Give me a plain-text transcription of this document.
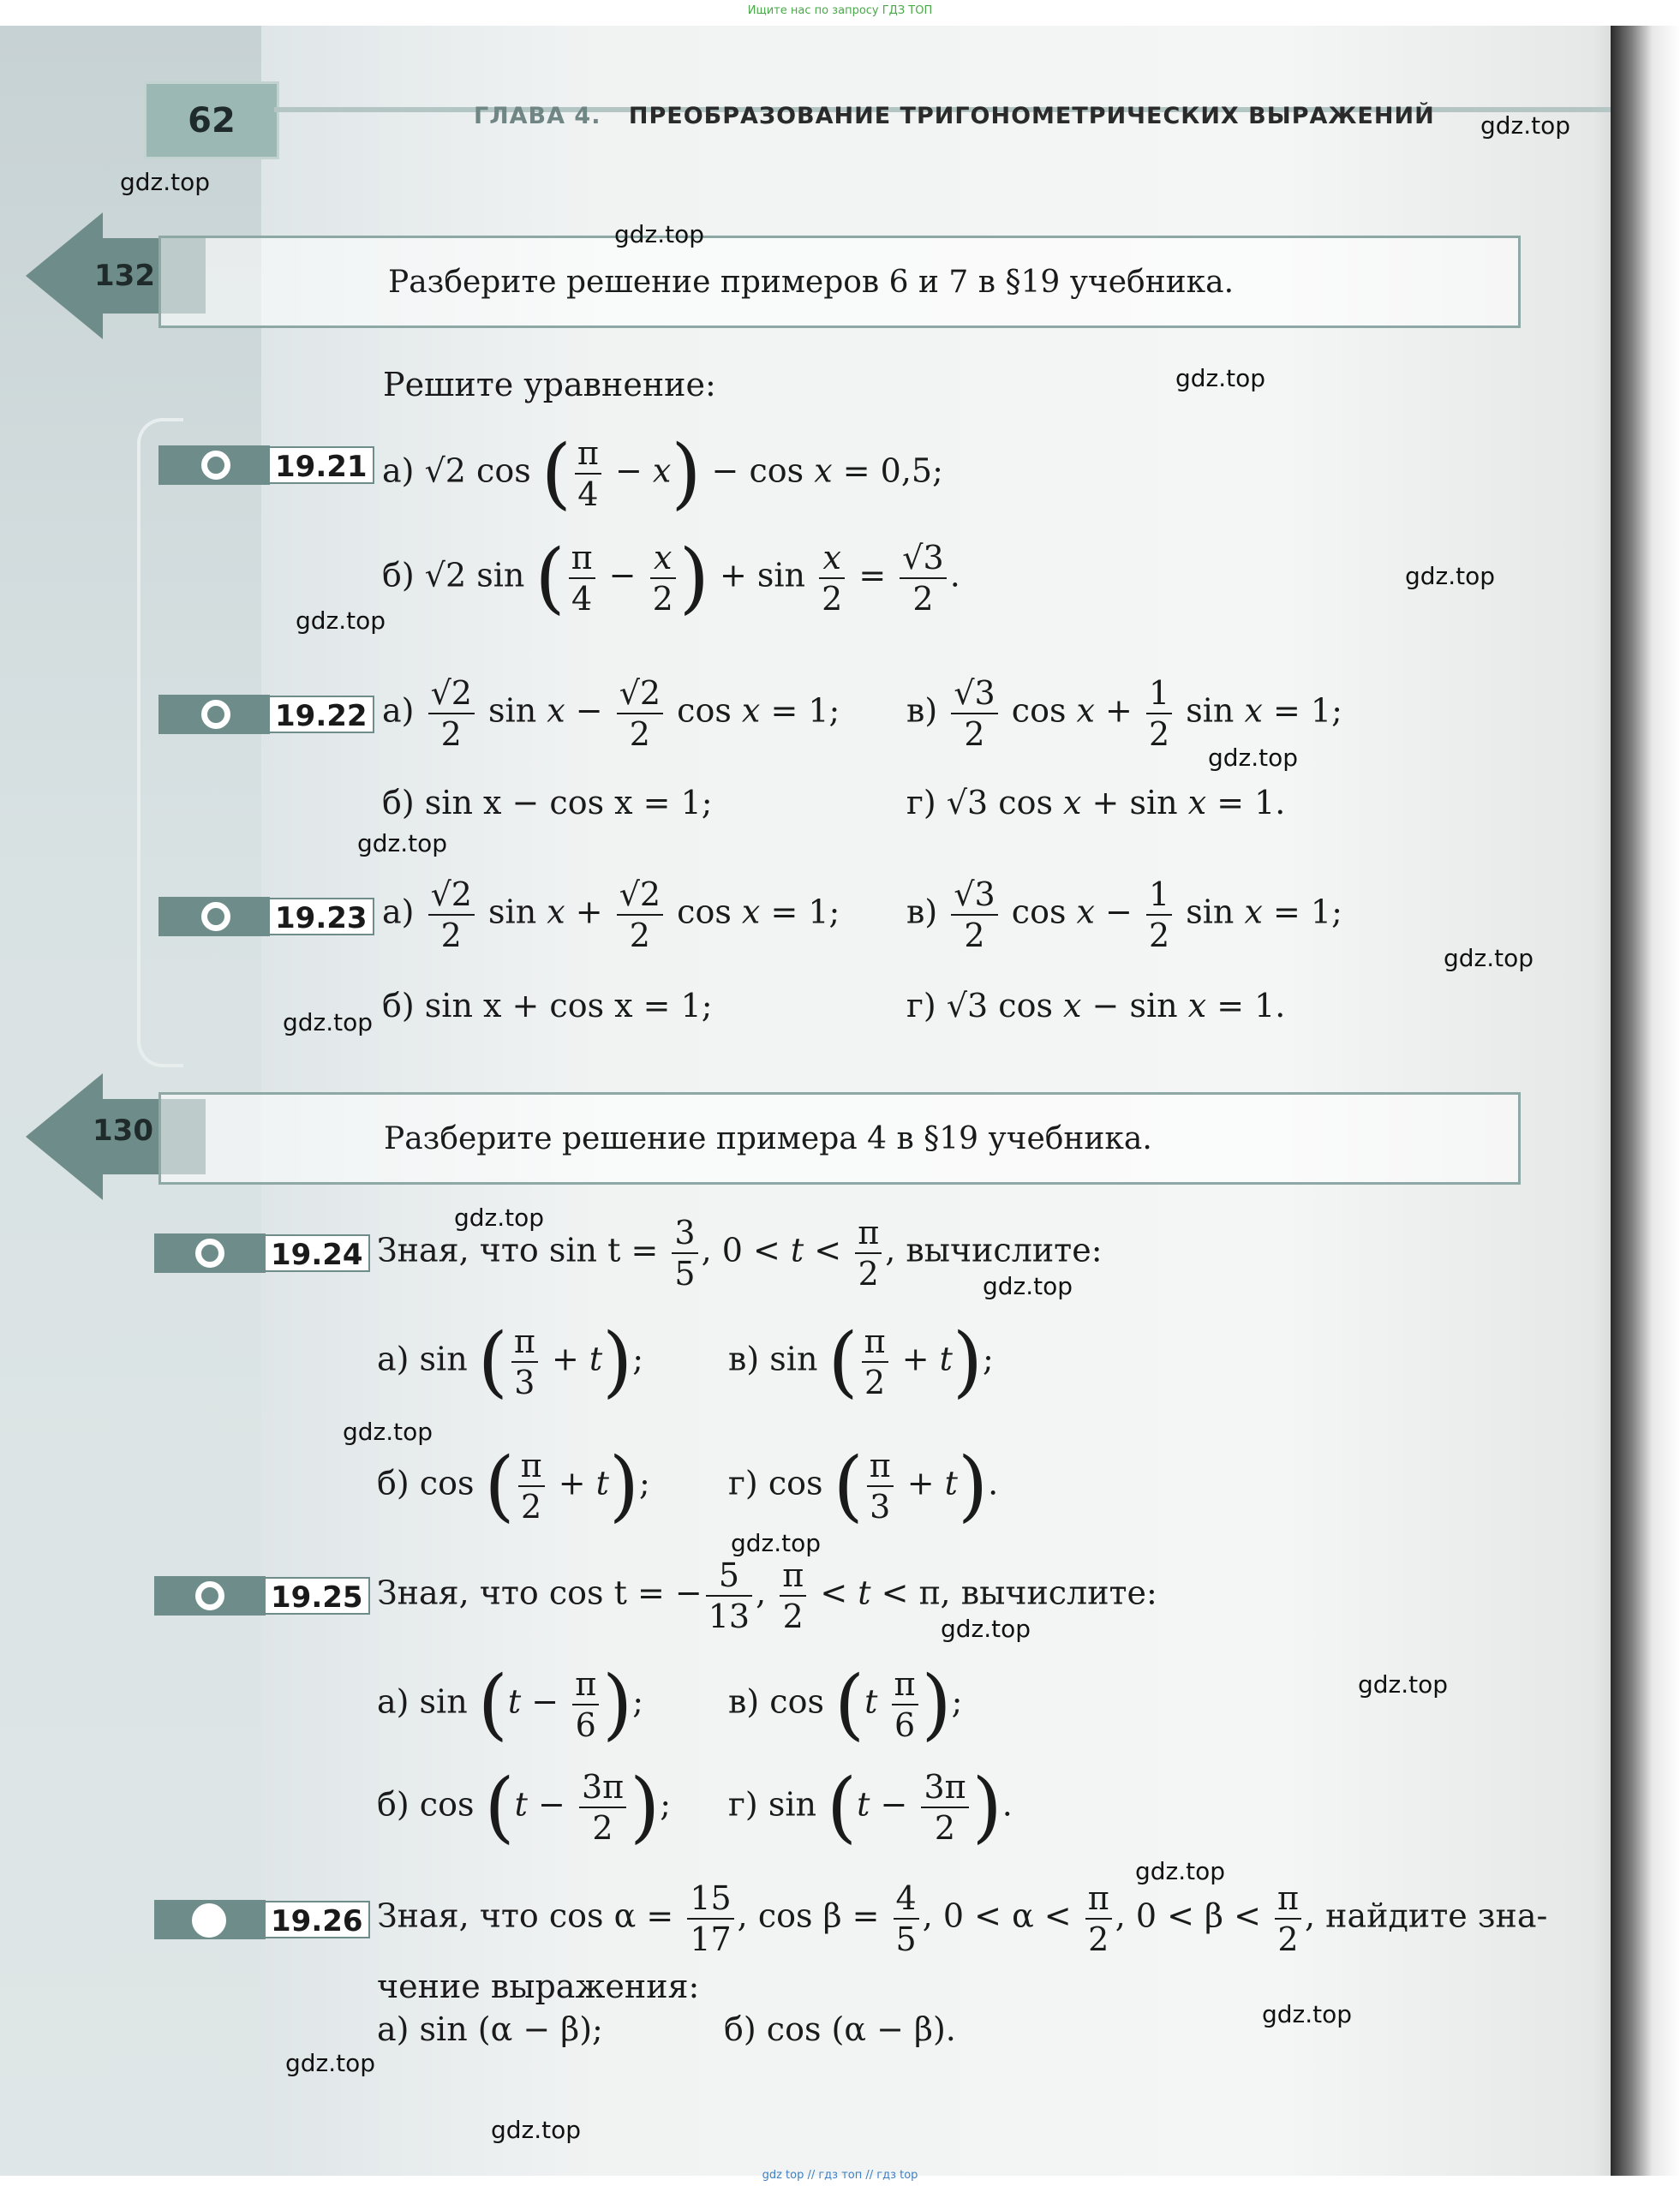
Ищите нас по запросу ГДЗ ТОП
62	ГЛАВА 4. ПРЕОБРАЗОВАНИЕ ТРИГОНОМЕТРИЧЕСКИХ ВЫРАЖЕНИЙ
Разберите решение примеров 6 и 7 в §19 учебника.
132
Решите уравнение:
19.21 а) √2 cos ( $\frac{\pi}{4} - x) - \cos x = 0,5$;
б) √2 sin ( $\frac{\pi}{4} - \frac{x}{2}$ ) + $\sin \frac{x}{2} = \frac{√3}{2}$ .
19.22 $а) \frac{√2}{2}$ $\sin x - \frac{√2}{2}$ cos x = 1; $в) \frac{√3}{2}$ $\cos x + \frac{1}{2}$ sin x = 1;
б) sin x − cos x = 1;	г) √3 cos x + sin x = 1.
19.23 $а) \frac{√2}{2}$ $\sin x + \frac{√2}{2}$ cos x = 1; $в) \frac{√3}{2}$ $\cos x - \frac{1}{2}$ sin x = 1;
б) sin x + cos x = 1;	г) √3 cos x − sin x = 1.
Разберите решение примера 4 в §19 учебника.
130
19.24 Зная, что $\sin t = \frac{3}{5}$ , $0 < t < \frac{\pi}{2}$ , вычислите:
а) sin ( $\frac{\pi}{3} + t$);	в) sin ( $\frac{\pi}{2} + t$);
б) cos ( $\frac{\pi}{2} + t$); г) cos ( $\frac{\pi}{3} + t$).
19.25 Зная, что cos t = − $\frac{5}{13}$ , $\frac{\pi}{2} < t < \pi$, вычислите:
а) $\sin (t - \frac{\pi}{6}$ );	в) $\cos (t \frac{\pi}{6}$ );
б) $\cos (t - \frac{3\pi}{2}$ ); г) $\sin (t - \frac{3\pi}{2}$ ).
19.26 Зная, что $\cos \alpha = \frac{15}{17}$ , $\cos \beta = \frac{4}{5}$ , $0 < \alpha < \frac{\pi}{2}$ , $0 < \beta < \frac{\pi}{2}$ , найдите зна-
чение выражения:
а) sin (α − β);	б) cos (α − β).
gdz.top
gdz.top
gdz.top
gdz.top
gdz.top
gdz.top
gdz.top
gdz.top
gdz.top
gdz.top
gdz.top
gdz.top
gdz.top
gdz.top
gdz.top
gdz.top
gdz.top
gdz.top
gdz.top
gdz.top
gdz top // гдз топ // гдз top
